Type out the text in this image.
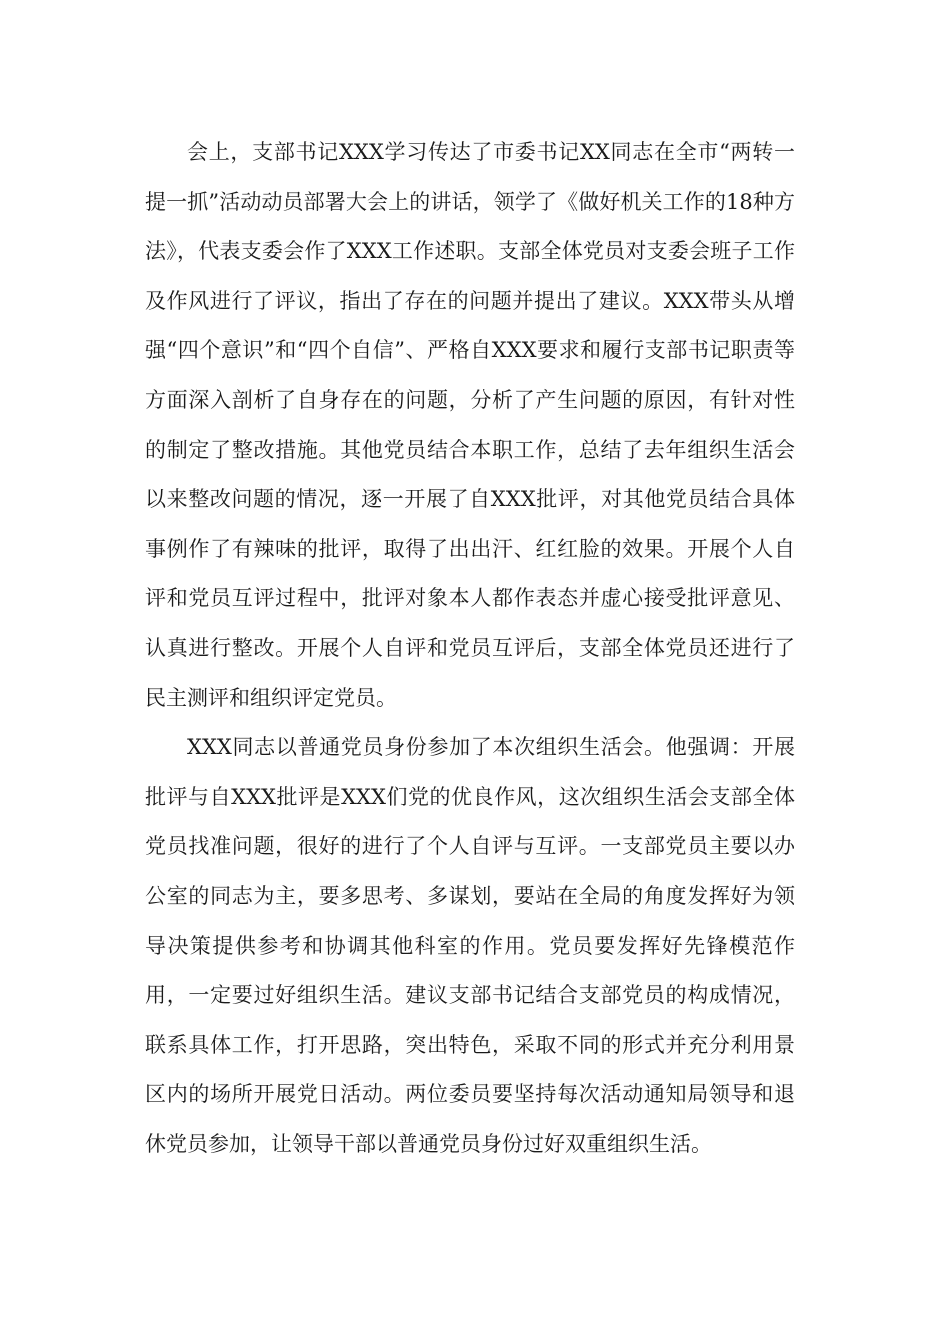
会上，支部书记XXX学习传达了市委书记XX同志在全市“两转一提一抓”活动动员部署大会上的讲话，领学了《做好机关工作的18种方法》，代表支委会作了XXX工作述职。支部全体党员对支委会班子工作及作风进行了评议，指出了存在的问题并提出了建议。XXX带头从增强“四个意识”和“四个自信”、严格自XXX要求和履行支部书记职责等方面深入剖析了自身存在的问题，分析了产生问题的原因，有针对性的制定了整改措施。其他党员结合本职工作，总结了去年组织生活会以来整改问题的情况，逐一开展了自XXX批评，对其他党员结合具体事例作了有辣味的批评，取得了出出汗、红红脸的效果。开展个人自评和党员互评过程中，批评对象本人都作表态并虚心接受批评意见、认真进行整改。开展个人自评和党员互评后，支部全体党员还进行了民主测评和组织评定党员。

XXX同志以普通党员身份参加了本次组织生活会。他强调：开展批评与自XXX批评是XXX们党的优良作风，这次组织生活会支部全体党员找准问题，很好的进行了个人自评与互评。一支部党员主要以办公室的同志为主，要多思考、多谋划，要站在全局的角度发挥好为领导决策提供参考和协调其他科室的作用。党员要发挥好先锋模范作用，一定要过好组织生活。建议支部书记结合支部党员的构成情况，联系具体工作，打开思路，突出特色，采取不同的形式并充分利用景区内的场所开展党日活动。两位委员要坚持每次活动通知局领导和退休党员参加，让领导干部以普通党员身份过好双重组织生活。
